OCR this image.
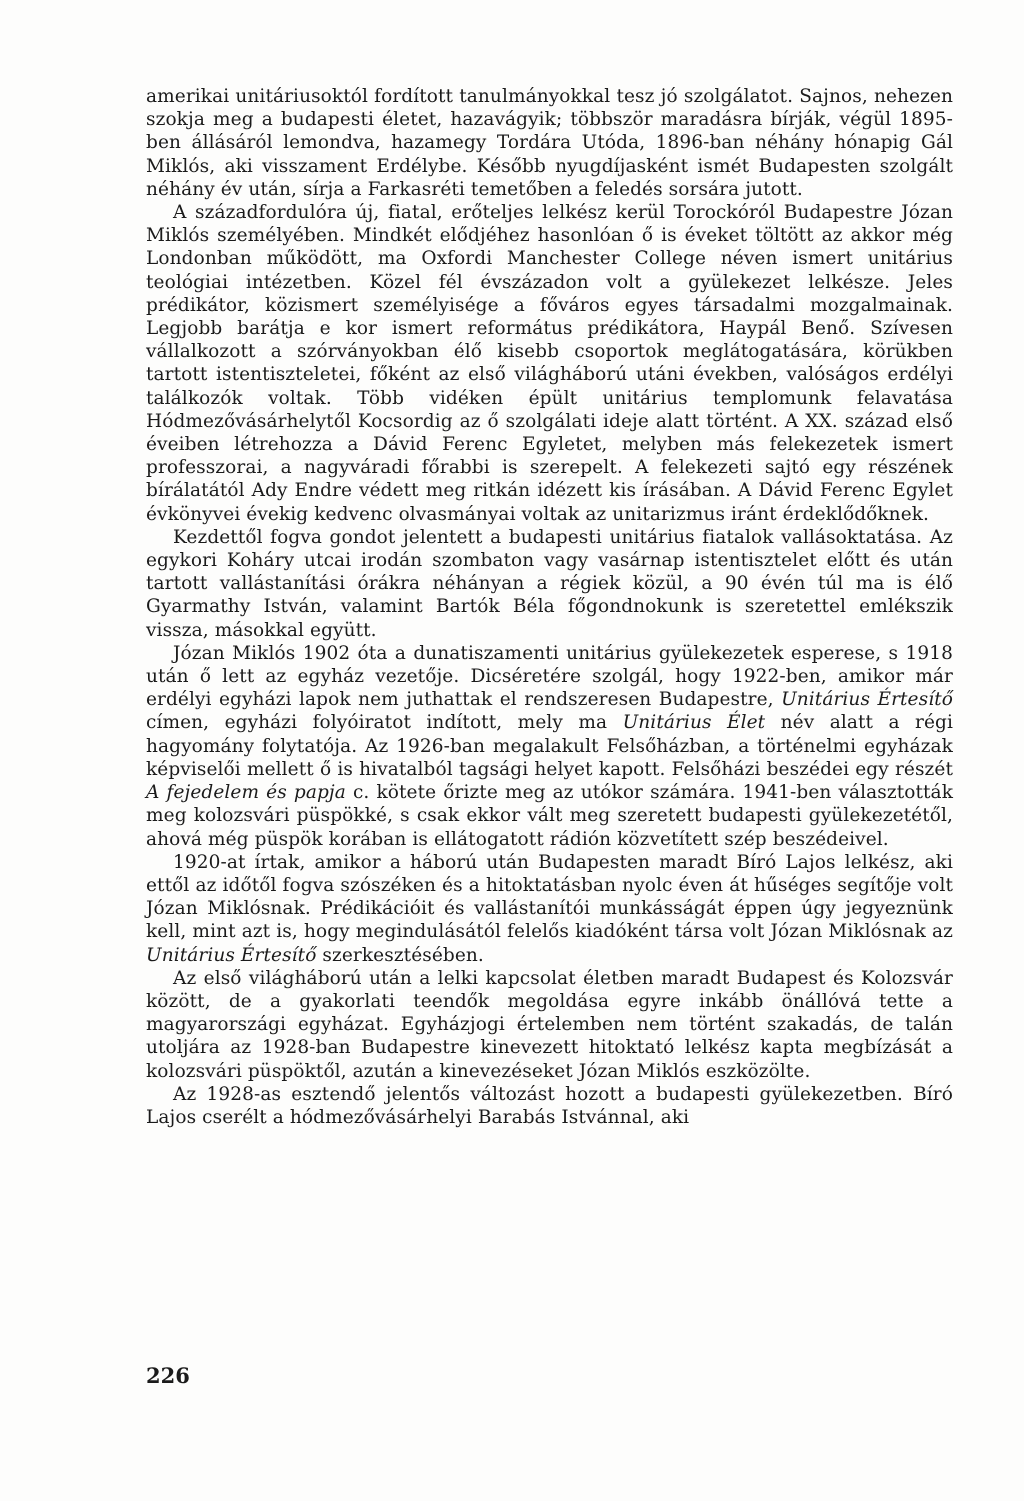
amerikai unitáriusoktól fordított tanulmányokkal tesz jó szolgálatot. Sajnos, nehezen szokja meg a budapesti életet, hazavágyik; többször maradásra bírják, végül 1895-ben állásáról lemondva, hazamegy Tordára Utóda, 1896-ban néhány hónapig Gál Miklós, aki visszament Erdélybe. Később nyugdíjasként ismét Budapesten szolgált néhány év után, sírja a Farkasréti temetőben a feledés sorsára jutott.

A századfordulóra új, fiatal, erőteljes lelkész kerül Torockóról Budapestre Józan Miklós személyében. Mindkét elődjéhez hasonlóan ő is éveket töltött az akkor még Londonban működött, ma Oxfordi Manchester College néven ismert unitárius teológiai intézetben. Közel fél évszázadon volt a gyülekezet lelkésze. Jeles prédikátor, közismert személyisége a főváros egyes társadalmi mozgalmainak. Legjobb barátja e kor ismert református prédikátora, Haypál Benő. Szívesen vállalkozott a szórványokban élő kisebb csoportok meglátogatására, körükben tartott istentiszteletei, főként az első világháború utáni években, valóságos erdélyi találkozók voltak. Több vidéken épült unitárius templomunk felavatása Hódmezővásárhelytől Kocsordig az ő szolgálati ideje alatt történt. A XX. század első éveiben létrehozza a Dávid Ferenc Egyletet, melyben más felekezetek ismert professzorai, a nagyváradi főrabbi is szerepelt. A felekezeti sajtó egy részének bírálatától Ady Endre védett meg ritkán idézett kis írásában. A Dávid Ferenc Egylet évkönyvei évekig kedvenc olvasmányai voltak az unitarizmus iránt érdeklődőknek.

Kezdettől fogva gondot jelentett a budapesti unitárius fiatalok vallásoktatása. Az egykori Koháry utcai irodán szombaton vagy vasárnap istentisztelet előtt és után tartott vallástanítási órákra néhányan a régiek közül, a 90 évén túl ma is élő Gyarmathy István, valamint Bartók Béla főgondnokunk is szeretettel emlékszik vissza, másokkal együtt.

Józan Miklós 1902 óta a dunatiszamenti unitárius gyülekezetek esperese, s 1918 után ő lett az egyház vezetője. Dicséretére szolgál, hogy 1922-ben, amikor már erdélyi egyházi lapok nem juthattak el rendszeresen Budapestre, Unitárius Értesítő címen, egyházi folyóiratot indított, mely ma Unitárius Élet név alatt a régi hagyomány folytatója. Az 1926-ban megalakult Felsőházban, a történelmi egyházak képviselői mellett ő is hivatalból tagsági helyet kapott. Felsőházi beszédei egy részét A fejedelem és papja c. kötete őrizte meg az utókor számára. 1941-ben választották meg kolozsvári püspökké, s csak ekkor vált meg szeretett budapesti gyülekezetétől, ahová még püspök korában is ellátogatott rádión közvetített szép beszédeivel.

1920-at írtak, amikor a háború után Budapesten maradt Bíró Lajos lelkész, aki ettől az időtől fogva szószéken és a hitoktatásban nyolc éven át hűséges segítője volt Józan Miklósnak. Prédikációit és vallástanítói munkásságát éppen úgy jegyeznünk kell, mint azt is, hogy megindulásától felelős kiadóként társa volt Józan Miklósnak az Unitárius Értesítő szerkesztésében.

Az első világháború után a lelki kapcsolat életben maradt Budapest és Kolozsvár között, de a gyakorlati teendők megoldása egyre inkább önállóvá tette a magyarországi egyházat. Egyházjogi értelemben nem történt szakadás, de talán utoljára az 1928-ban Budapestre kinevezett hitoktató lelkész kapta megbízását a kolozsvári püspöktől, azután a kinevezéseket Józan Miklós eszközölte.

Az 1928-as esztendő jelentős változást hozott a budapesti gyülekezetben. Bíró Lajos cserélt a hódmezővásárhelyi Barabás Istvánnal, aki

226
